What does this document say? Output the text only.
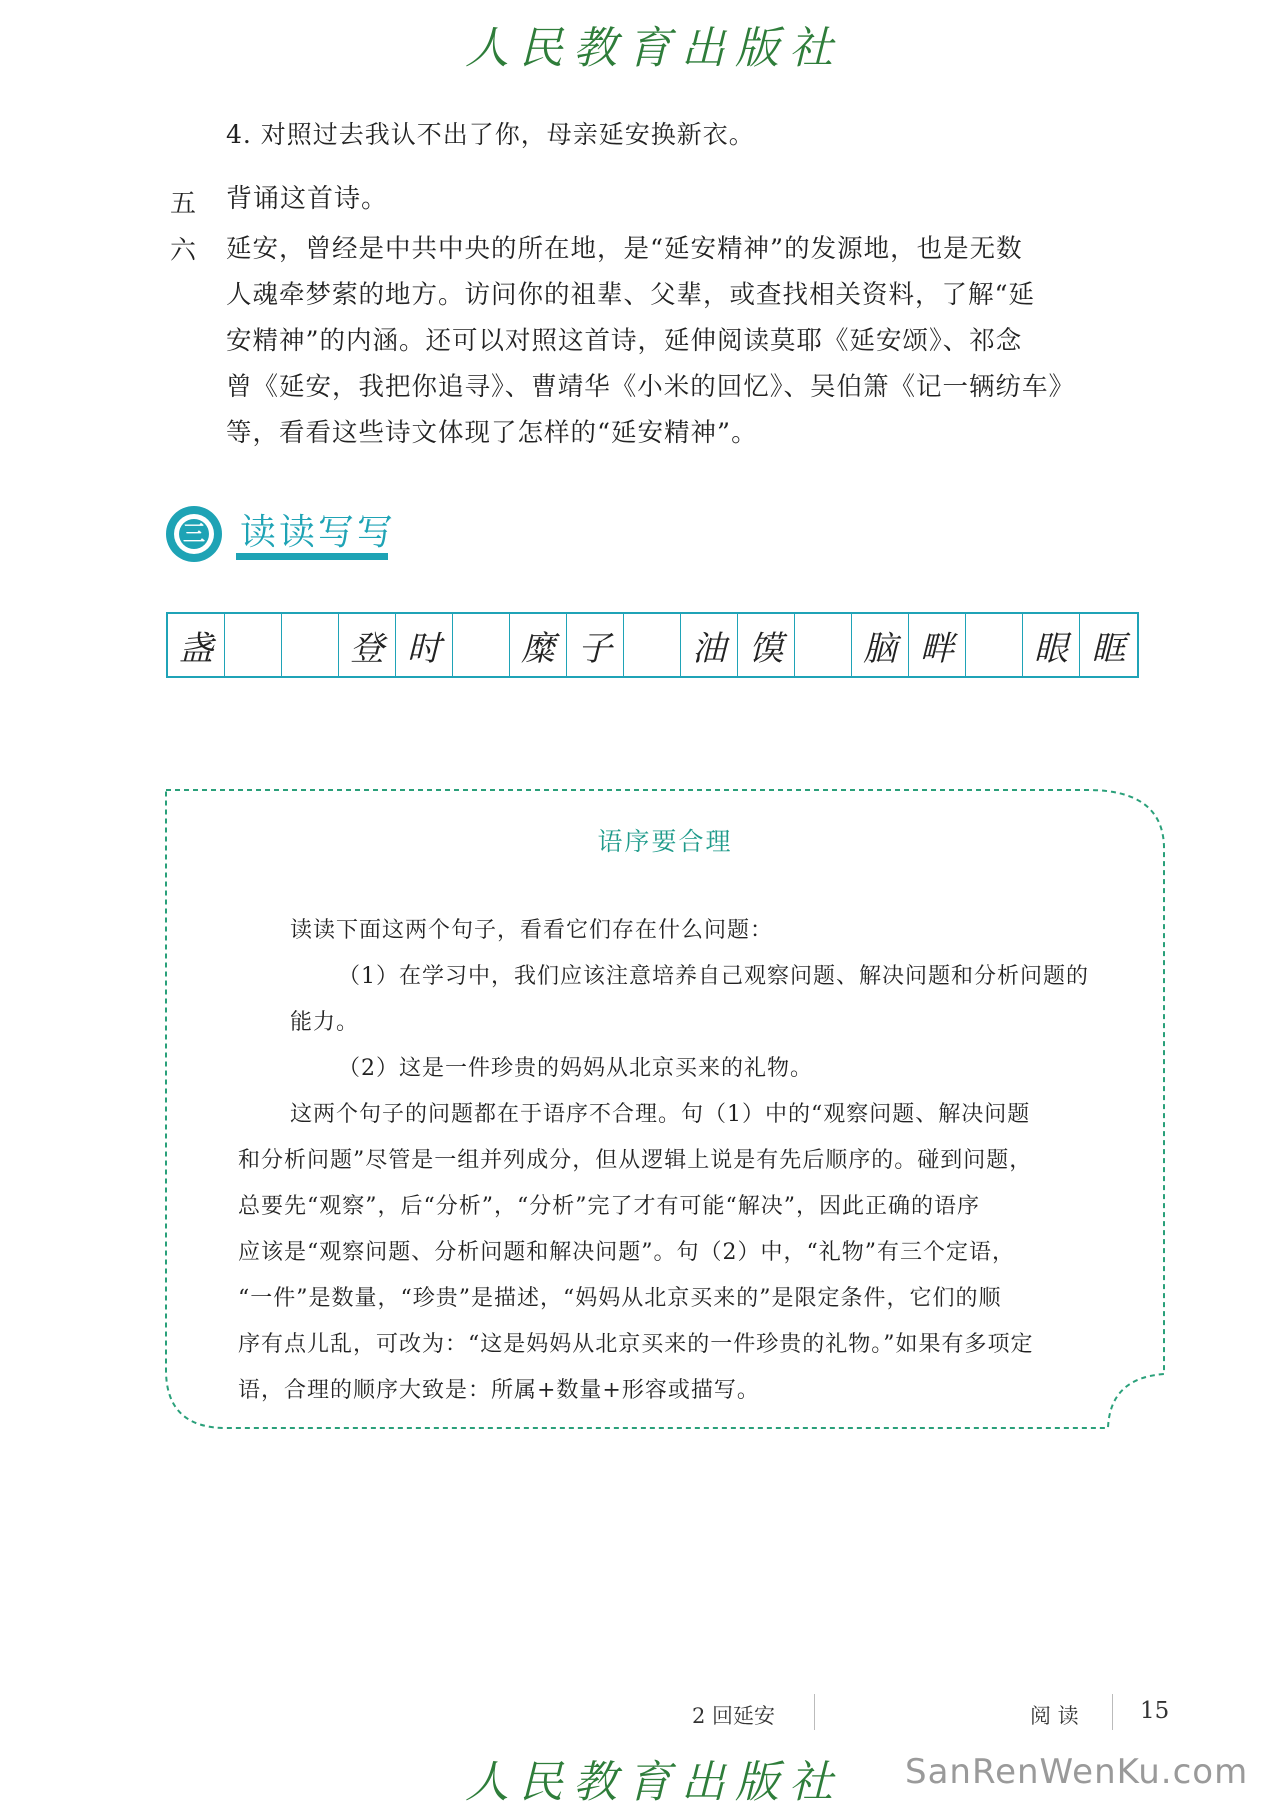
人民教育出版社
4. 对照过去我认不出了你，母亲延安换新衣。
五 背诵这首诗。
六 延安，曾经是中共中央的所在地，是“延安精神”的发源地，也是无数
人魂牵梦萦的地方。访问你的祖辈、父辈，或查找相关资料，了解“延
安精神”的内涵。还可以对照这首诗，延伸阅读莫耶《延安颂》、祁念
曾《延安，我把你追寻》、曹靖华《小米的回忆》、吴伯箫《记一辆纺车》
等，看看这些诗文体现了怎样的“延安精神”。
三 读读写写
盏	登 时	糜 子	油 馍	脑 畔	眼 眶
语序要合理
读读下面这两个句子，看看它们存在什么问题：
（1）在学习中，我们应该注意培养自己观察问题、解决问题和分析问题的
能力。
（2）这是一件珍贵的妈妈从北京买来的礼物。
这两个句子的问题都在于语序不合理。句（1）中的“观察问题、解决问题
和分析问题”尽管是一组并列成分，但从逻辑上说是有先后顺序的。碰到问题，
总要先“观察”，后“分析”，“分析”完了才有可能“解决”，因此正确的语序
应该是“观察问题、分析问题和解决问题”。句（2）中，“礼物”有三个定语，
“一件”是数量，“珍贵”是描述，“妈妈从北京买来的”是限定条件，它们的顺
序有点儿乱，可改为：“这是妈妈从北京买来的一件珍贵的礼物。”如果有多项定
语，合理的顺序大致是：所属+数量+形容或描写。
2 回延安	阅 读	15
人民教育出版社 SanRenWenKu.com
